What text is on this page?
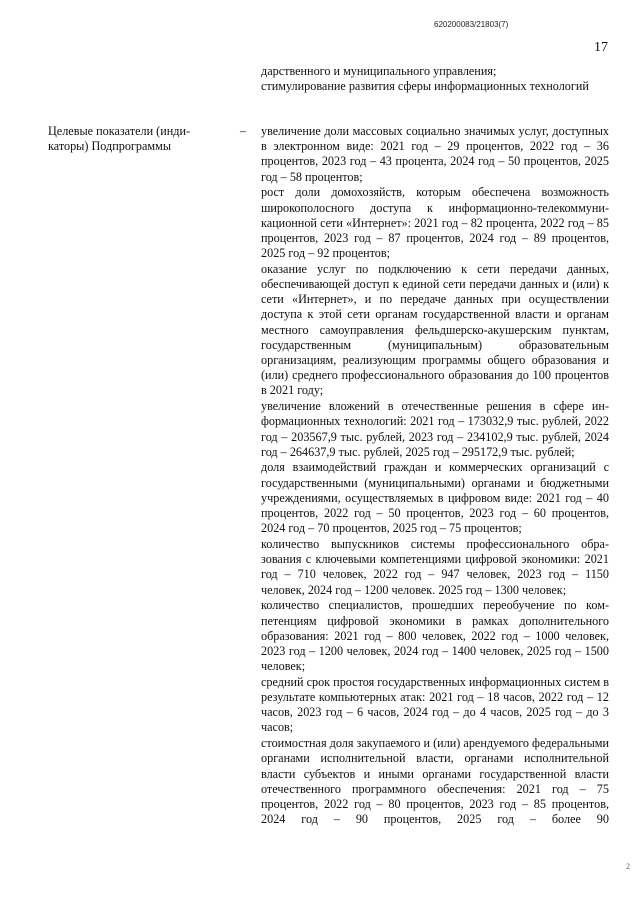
620200083/21803(7)
17

дарственного и муниципального управления;

стимулирование развития сферы информационных технологий

Целевые показатели (индикаторы) Подпрограммы
– увеличение доли массовых социально значимых услуг, доступных в электронном виде: 2021 год – 29 процентов, 2022 год – 36 процентов, 2023 год – 43 процента, 2024 год – 50 процентов, 2025 год – 58 процентов;

рост доли домохозяйств, которым обеспечена возможность широкополосного доступа к информационно-телекоммуникационной сети «Интернет»: 2021 год – 82 процента, 2022 год – 85 процентов, 2023 год – 87 процентов, 2024 год – 89 процентов, 2025 год – 92 процентов;

оказание услуг по подключению к сети передачи данных, обеспечивающей доступ к единой сети передачи данных и (или) к сети «Интернет», и по передаче данных при осуществлении доступа к этой сети органам государственной власти и органам местного самоуправления фельдшерско-акушерским пунктам, государственным (муниципальным) образовательным организациям, реализующим программы общего образования и (или) среднего профессионального образования до 100 процентов в 2021 году;

увеличение вложений в отечественные решения в сфере информационных технологий: 2021 год – 173032,9 тыс. рублей, 2022 год – 203567,9 тыс. рублей, 2023 год – 234102,9 тыс. рублей, 2024 год – 264637,9 тыс. рублей, 2025 год – 295172,9 тыс. рублей;

доля взаимодействий граждан и коммерческих организаций с государственными (муниципальными) органами и бюджетными учреждениями, осуществляемых в цифровом виде: 2021 год – 40 процентов, 2022 год – 50 процентов, 2023 год – 60 процентов, 2024 год – 70 процентов, 2025 год – 75 процентов;

количество выпускников системы профессионального образования с ключевыми компетенциями цифровой экономики: 2021 год – 710 человек, 2022 год – 947 человек, 2023 год – 1150 человек, 2024 год – 1200 человек. 2025 год – 1300 человек;

количество специалистов, прошедших переобучение по компетенциям цифровой экономики в рамках дополнительного образования: 2021 год – 800 человек, 2022 год – 1000 человек, 2023 год – 1200 человек, 2024 год – 1400 человек, 2025 год – 1500 человек;

средний срок простоя государственных информационных систем в результате компьютерных атак: 2021 год – 18 часов, 2022 год – 12 часов, 2023 год – 6 часов, 2024 год – до 4 часов, 2025 год – до 3 часов;

стоимостная доля закупаемого и (или) арендуемого федеральными органами исполнительной власти, органами исполнительной власти субъектов и иными органами государственной власти отечественного программного обеспечения: 2021 год – 75 процентов, 2022 год – 80 процентов, 2023 год – 85 процентов, 2024 год – 90 процентов, 2025 год – более 90

2
